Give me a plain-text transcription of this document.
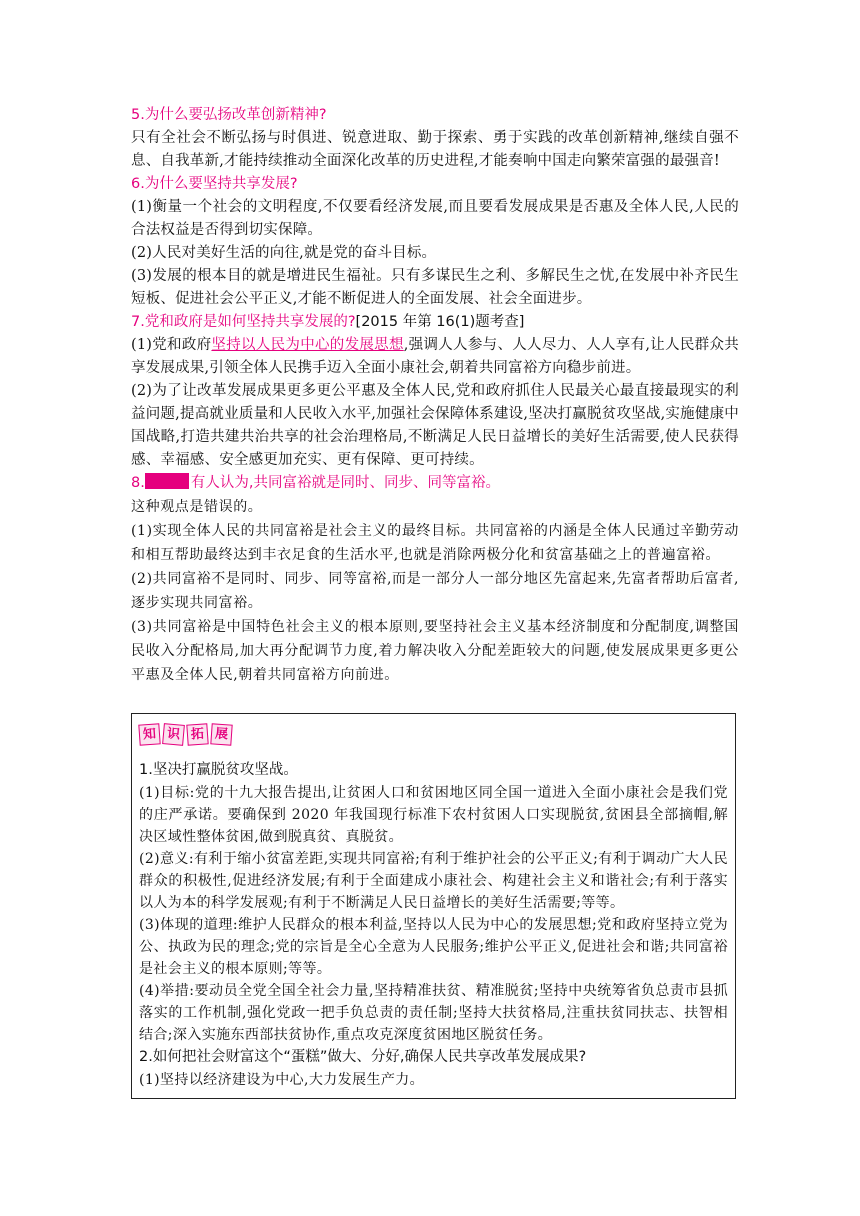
5.为什么要弘扬改革创新精神?

只有全社会不断弘扬与时俱进、锐意进取、勤于探索、勇于实践的改革创新精神,继续自强不息、自我革新,才能持续推动全面深化改革的历史进程,才能奏响中国走向繁荣富强的最强音!

6.为什么要坚持共享发展?

(1)衡量一个社会的文明程度,不仅要看经济发展,而且要看发展成果是否惠及全体人民,人民的合法权益是否得到切实保障。

(2)人民对美好生活的向往,就是党的奋斗目标。

(3)发展的根本目的就是增进民生福祉。只有多谋民生之利、多解民生之忧,在发展中补齐民生短板、促进社会公平正义,才能不断促进人的全面发展、社会全面进步。

7.党和政府是如何坚持共享发展的?[2015 年第 16(1)题考查]

(1)党和政府坚持以人民为中心的发展思想,强调人人参与、人人尽力、人人享有,让人民群众共享发展成果,引领全体人民携手迈入全面小康社会,朝着共同富裕方向稳步前进。

(2)为了让改革发展成果更多更公平惠及全体人民,党和政府抓住人民最关心最直接最现实的利益问题,提高就业质量和人民收入水平,加强社会保障体系建设,坚决打赢脱贫攻坚战,实施健康中国战略,打造共建共治共享的社会治理格局,不断满足人民日益增长的美好生活需要,使人民获得感、幸福感、安全感更加充实、更有保障、更可持续。

8.	有人认为,共同富裕就是同时、同步、同等富裕。

这种观点是错误的。

(1)实现全体人民的共同富裕是社会主义的最终目标。共同富裕的内涵是全体人民通过辛勤劳动和相互帮助最终达到丰衣足食的生活水平,也就是消除两极分化和贫富基础之上的普遍富裕。

(2)共同富裕不是同时、同步、同等富裕,而是一部分人一部分地区先富起来,先富者帮助后富者,逐步实现共同富裕。

(3)共同富裕是中国特色社会主义的根本原则,要坚持社会主义基本经济制度和分配制度,调整国民收入分配格局,加大再分配调节力度,着力解决收入分配差距较大的问题,使发展成果更多更公平惠及全体人民,朝着共同富裕方向前进。

知 识 拓 展

1.坚决打赢脱贫攻坚战。

(1)目标:党的十九大报告提出,让贫困人口和贫困地区同全国一道进入全面小康社会是我们党的庄严承诺。要确保到 2020 年我国现行标准下农村贫困人口实现脱贫,贫困县全部摘帽,解决区域性整体贫困,做到脱真贫、真脱贫。

(2)意义:有利于缩小贫富差距,实现共同富裕;有利于维护社会的公平正义;有利于调动广大人民群众的积极性,促进经济发展;有利于全面建成小康社会、构建社会主义和谐社会;有利于落实以人为本的科学发展观;有利于不断满足人民日益增长的美好生活需要;等等。

(3)体现的道理:维护人民群众的根本利益,坚持以人民为中心的发展思想;党和政府坚持立党为公、执政为民的理念;党的宗旨是全心全意为人民服务;维护公平正义,促进社会和谐;共同富裕是社会主义的根本原则;等等。

(4)举措:要动员全党全国全社会力量,坚持精准扶贫、精准脱贫;坚持中央统筹省负总责市县抓落实的工作机制,强化党政一把手负总责的责任制;坚持大扶贫格局,注重扶贫同扶志、扶智相结合;深入实施东西部扶贫协作,重点攻克深度贫困地区脱贫任务。

2.如何把社会财富这个“蛋糕”做大、分好,确保人民共享改革发展成果?

(1)坚持以经济建设为中心,大力发展生产力。
